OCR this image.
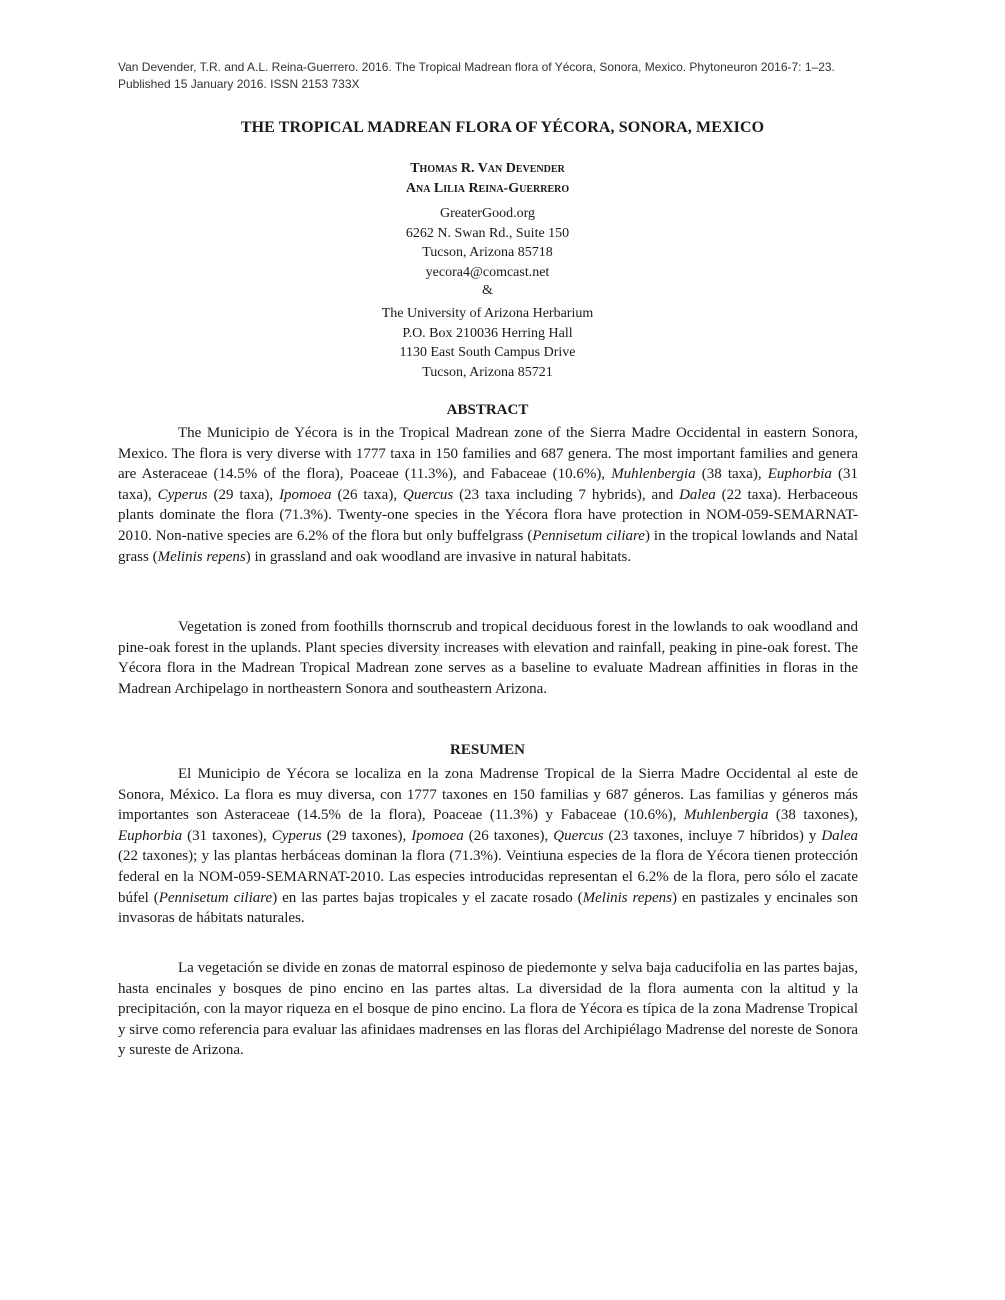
Van Devender, T.R. and A.L. Reina-Guerrero. 2016. The Tropical Madrean flora of Yécora, Sonora, Mexico. Phytoneuron 2016-7: 1–23. Published 15 January 2016. ISSN 2153 733X
THE TROPICAL MADREAN FLORA OF YÉCORA, SONORA, MEXICO
Thomas R. Van Devender
Ana Lilia Reina-Guerrero
GreaterGood.org
6262 N. Swan Rd., Suite 150
Tucson, Arizona 85718
yecora4@comcast.net
&
The University of Arizona Herbarium
P.O. Box 210036 Herring Hall
1130 East South Campus Drive
Tucson, Arizona 85721
ABSTRACT

The Municipio de Yécora is in the Tropical Madrean zone of the Sierra Madre Occidental in eastern Sonora, Mexico. The flora is very diverse with 1777 taxa in 150 families and 687 genera. The most important families and genera are Asteraceae (14.5% of the flora), Poaceae (11.3%), and Fabaceae (10.6%), Muhlenbergia (38 taxa), Euphorbia (31 taxa), Cyperus (29 taxa), Ipomoea (26 taxa), Quercus (23 taxa including 7 hybrids), and Dalea (22 taxa). Herbaceous plants dominate the flora (71.3%). Twenty-one species in the Yécora flora have protection in NOM-059-SEMARNAT-2010. Non-native species are 6.2% of the flora but only buffelgrass (Pennisetum ciliare) in the tropical lowlands and Natal grass (Melinis repens) in grassland and oak woodland are invasive in natural habitats.

Vegetation is zoned from foothills thornscrub and tropical deciduous forest in the lowlands to oak woodland and pine-oak forest in the uplands. Plant species diversity increases with elevation and rainfall, peaking in pine-oak forest. The Yécora flora in the Madrean Tropical Madrean zone serves as a baseline to evaluate Madrean affinities in floras in the Madrean Archipelago in northeastern Sonora and southeastern Arizona.

RESUMEN

El Municipio de Yécora se localiza en la zona Madrense Tropical de la Sierra Madre Occidental al este de Sonora, México. La flora es muy diversa, con 1777 taxones en 150 familias y 687 géneros. Las familias y géneros más importantes son Asteraceae (14.5% de la flora), Poaceae (11.3%) y Fabaceae (10.6%), Muhlenbergia (38 taxones), Euphorbia (31 taxones), Cyperus (29 taxones), Ipomoea (26 taxones), Quercus (23 taxones, incluye 7 híbridos) y Dalea (22 taxones); y las plantas herbáceas dominan la flora (71.3%). Veintiuna especies de la flora de Yécora tienen protección federal en la NOM-059-SEMARNAT-2010. Las especies introducidas representan el 6.2% de la flora, pero sólo el zacate búfel (Pennisetum ciliare) en las partes bajas tropicales y el zacate rosado (Melinis repens) en pastizales y encinales son invasoras de hábitats naturales.

La vegetación se divide en zonas de matorral espinoso de piedemonte y selva baja caducifolia en las partes bajas, hasta encinales y bosques de pino encino en las partes altas. La diversidad de la flora aumenta con la altitud y la precipitación, con la mayor riqueza en el bosque de pino encino. La flora de Yécora es típica de la zona Madrense Tropical y sirve como referencia para evaluar las afinidaes madrenses en las floras del Archipiélago Madrense del noreste de Sonora y sureste de Arizona.
